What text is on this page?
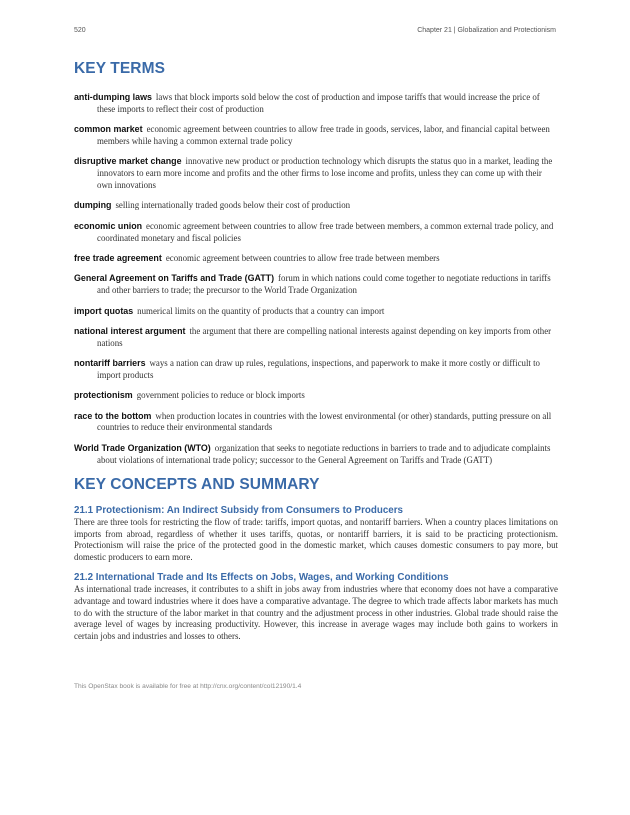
520	Chapter 21 | Globalization and Protectionism
KEY TERMS
anti-dumping laws laws that block imports sold below the cost of production and impose tariffs that would increase the price of these imports to reflect their cost of production
common market economic agreement between countries to allow free trade in goods, services, labor, and financial capital between members while having a common external trade policy
disruptive market change innovative new product or production technology which disrupts the status quo in a market, leading the innovators to earn more income and profits and the other firms to lose income and profits, unless they can come up with their own innovations
dumping selling internationally traded goods below their cost of production
economic union economic agreement between countries to allow free trade between members, a common external trade policy, and coordinated monetary and fiscal policies
free trade agreement economic agreement between countries to allow free trade between members
General Agreement on Tariffs and Trade (GATT) forum in which nations could come together to negotiate reductions in tariffs and other barriers to trade; the precursor to the World Trade Organization
import quotas numerical limits on the quantity of products that a country can import
national interest argument the argument that there are compelling national interests against depending on key imports from other nations
nontariff barriers ways a nation can draw up rules, regulations, inspections, and paperwork to make it more costly or difficult to import products
protectionism government policies to reduce or block imports
race to the bottom when production locates in countries with the lowest environmental (or other) standards, putting pressure on all countries to reduce their environmental standards
World Trade Organization (WTO) organization that seeks to negotiate reductions in barriers to trade and to adjudicate complaints about violations of international trade policy; successor to the General Agreement on Tariffs and Trade (GATT)
KEY CONCEPTS AND SUMMARY
21.1 Protectionism: An Indirect Subsidy from Consumers to Producers
There are three tools for restricting the flow of trade: tariffs, import quotas, and nontariff barriers. When a country places limitations on imports from abroad, regardless of whether it uses tariffs, quotas, or nontariff barriers, it is said to be practicing protectionism. Protectionism will raise the price of the protected good in the domestic market, which causes domestic consumers to pay more, but domestic producers to earn more.
21.2 International Trade and Its Effects on Jobs, Wages, and Working Conditions
As international trade increases, it contributes to a shift in jobs away from industries where that economy does not have a comparative advantage and toward industries where it does have a comparative advantage. The degree to which trade affects labor markets has much to do with the structure of the labor market in that country and the adjustment process in other industries. Global trade should raise the average level of wages by increasing productivity. However, this increase in average wages may include both gains to workers in certain jobs and industries and losses to others.
This OpenStax book is available for free at http://cnx.org/content/col12190/1.4
